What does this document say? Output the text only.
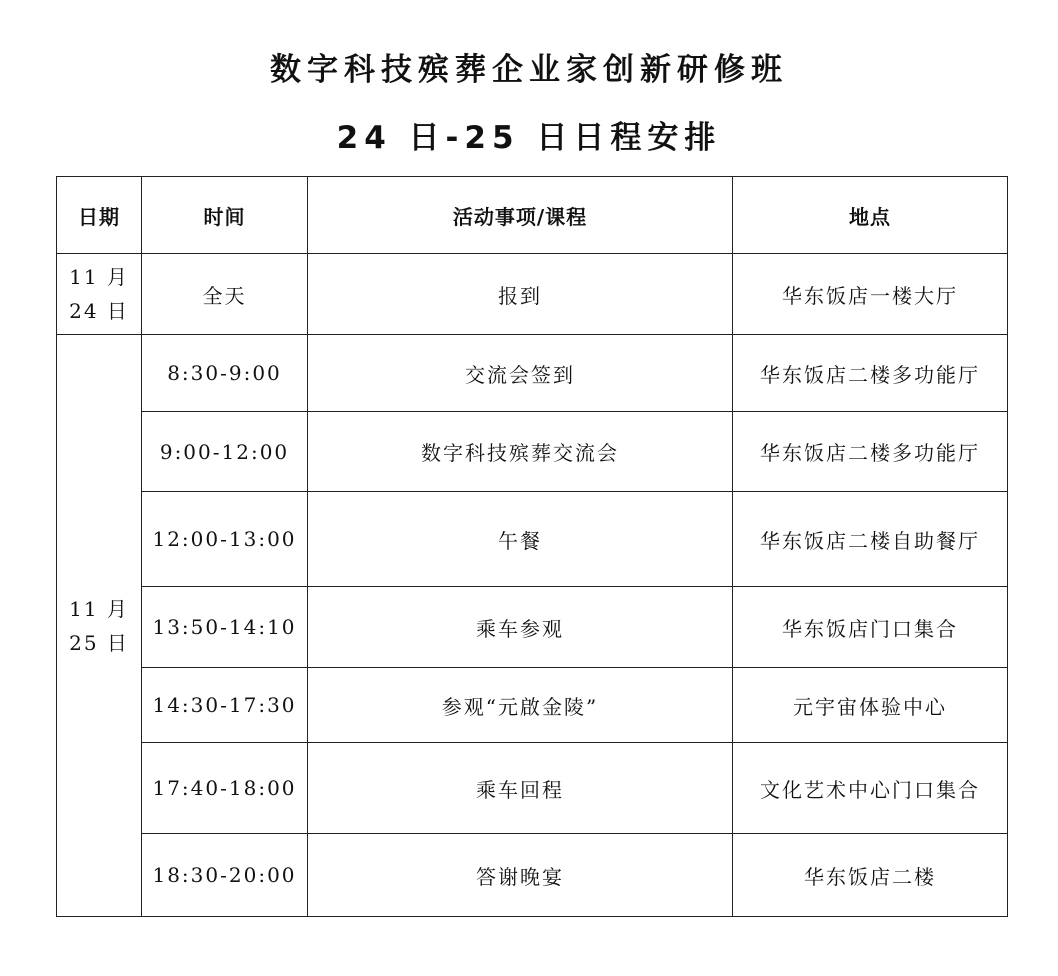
数字科技殡葬企业家创新研修班
24 日-25 日日程安排
日期	时间	活动事项/课程	地点

11 月
24 日	全天	报到	华东饭店一楼大厅

11 月
25 日	8:30-9:00	交流会签到	华东饭店二楼多功能厅
	9:00-12:00	数字科技殡葬交流会	华东饭店二楼多功能厅
	12:00-13:00	午餐	华东饭店二楼自助餐厅
	13:50-14:10	乘车参观	华东饭店门口集合
	14:30-17:30	参观“元啟金陵”	元宇宙体验中心
	17:40-18:00	乘车回程	文化艺术中心门口集合
	18:30-20:00	答谢晚宴	华东饭店二楼
